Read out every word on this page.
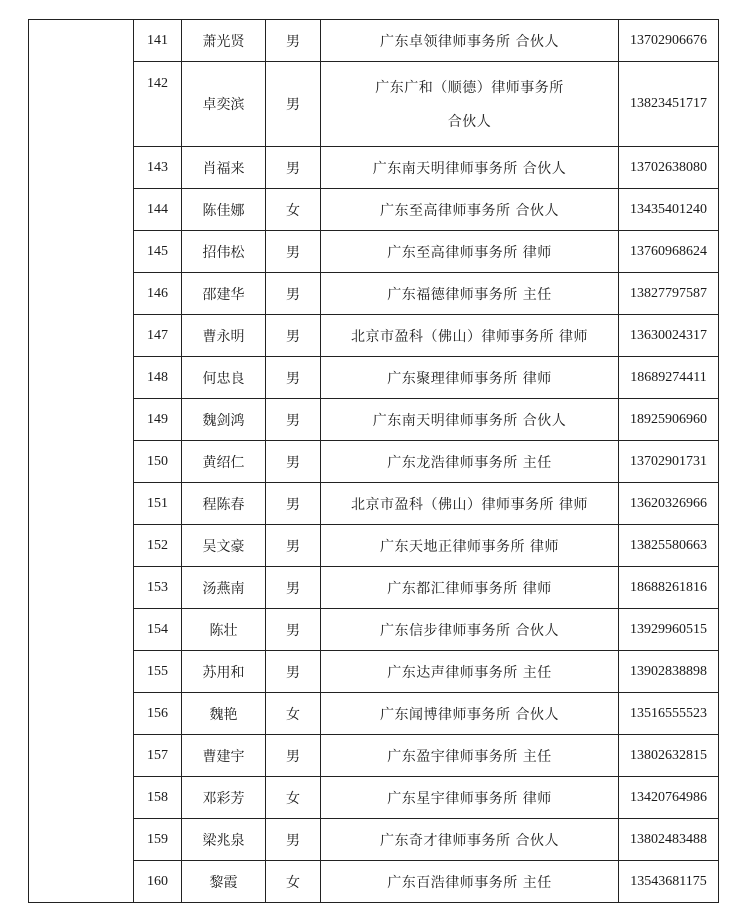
	141	萧光贤	男	广东卓领律师事务所 合伙人	13702906676
	142	卓奕滨	男	广东广和（顺德）律师事务所
合伙人	13823451717
	143	肖福来	男	广东南天明律师事务所 合伙人	13702638080
	144	陈佳娜	女	广东至高律师事务所 合伙人	13435401240
	145	招伟松	男	广东至高律师事务所 律师	13760968624
	146	邵建华	男	广东福德律师事务所 主任	13827797587
	147	曹永明	男	北京市盈科（佛山）律师事务所 律师	13630024317
	148	何忠良	男	广东聚理律师事务所 律师	18689274411
	149	魏剑鸿	男	广东南天明律师事务所 合伙人	18925906960
	150	黄绍仁	男	广东龙浩律师事务所 主任	13702901731
	151	程陈春	男	北京市盈科（佛山）律师事务所 律师	13620326966
	152	吴文豪	男	广东天地正律师事务所 律师	13825580663
	153	汤燕南	男	广东都汇律师事务所 律师	18688261816
	154	陈壮	男	广东信步律师事务所 合伙人	13929960515
	155	苏用和	男	广东达声律师事务所 主任	13902838898
	156	魏艳	女	广东闻博律师事务所 合伙人	13516555523
	157	曹建宇	男	广东盈宇律师事务所 主任	13802632815
	158	邓彩芳	女	广东星宇律师事务所 律师	13420764986
	159	梁兆泉	男	广东奇才律师事务所 合伙人	13802483488
	160	黎霞	女	广东百浩律师事务所 主任	13543681175
